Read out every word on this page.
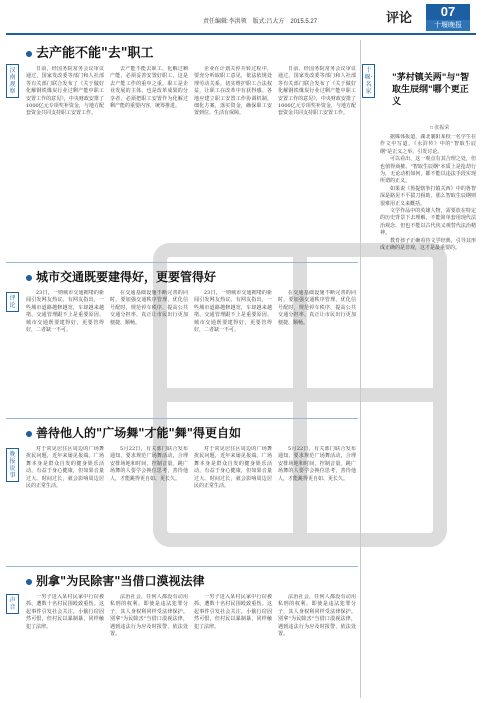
责任编辑:李洪领　版式:吕大方　2015.5.27	评论	07
十堰晚报
汉南观察
去产能不能"去"职工

日前，经国务院常务会议审议通过，国家发改委等部门和人社部等有关部门联合发布了《关于做好化解钢铁煤炭行业过剩产能中职工安置工作的意见》，中央财政安排了1000亿元专项奖补资金，与地方配套资金共同支持职工安置工作。

去产能不能去职工。化解过剩产能，必须妥善安置好职工，这是去产能工作的重中之重。职工是企业发展的主体，也是改革成果的分享者，必须把职工安置作为化解过剩产能的重要内容，统筹推进。

企业在计划关停并转过程中，要充分听取职工意见，依法依规处理劳动关系，切实维护职工合法权益，让职工在改革中有获得感。各地应建立职工安置工作协调机制，细化方案，落实资金，确保职工安置到位、生活有保障。

日前，经国务院常务会议审议通过，国家发改委等部门和人社部等有关部门联合发布了《关于做好化解钢铁煤炭行业过剩产能中职工安置工作的意见》，中央财政安排了1000亿元专项奖补资金，与地方配套资金共同支持职工安置工作。

评论
城市交通既要建得好，更要管得好

23日，一则城市交通拥堵的新闻引发网友热议。有网友指出，一些城市道路越修越宽，车却越来越堵，交通管理跟不上是重要原因。城市交通既要建得好，更要管得好，二者缺一不可。

在交通基础设施不断完善的同时，要加强交通秩序管理，优化信号配时，规范停车秩序，提高公共交通分担率，真正让市民出行更加便捷、顺畅。

23日，一则城市交通拥堵的新闻引发网友热议。有网友指出，一些城市道路越修越宽，车却越来越堵，交通管理跟不上是重要原因。城市交通既要建得好，更要管得好，二者缺一不可。

在交通基础设施不断完善的同时，要加强交通秩序管理，优化信号配时，规范停车秩序，提高公共交通分担率，真正让市民出行更加便捷、顺畅。

晚报说事
善待他人的"广场舞"才能"舞"得更自如

对于常见居住区周边的广场舞扰民问题，近年来屡见报端。广场舞本身是群众自发的健身娱乐活动，有益于身心健康，但如果音量过大、时间过长，就会影响周边居民的正常生活。

5月22日，有关部门联合发布通知，要求规范广场舞活动，合理安排场地和时间，控制音量。跳广场舞的人要学会换位思考，善待他人，才能跳得更自如、更长久。

对于常见居住区周边的广场舞扰民问题，近年来屡见报端。广场舞本身是群众自发的健身娱乐活动，有益于身心健康，但如果音量过大、时间过长，就会影响周边居民的正常生活。

5月22日，有关部门联合发布通知，要求规范广场舞活动，合理安排场地和时间，控制音量。跳广场舞的人要学会换位思考，善待他人，才能跳得更自如、更长久。

声音
别拿"为民除害"当借口漠视法律

一男子进入某村民家中行窃被抓，遭数十名村民围殴致重伤。这起事件引发社会关注。小偷行窃固然可恨，但村民以暴制暴，同样触犯了法律。

法治社会，任何人都没有动用私刑的权利。即使是违法犯罪分子，其人身权利同样受法律保护。别拿"为民除害"当借口漠视法律，遇到违法行为应及时报警，依法处置。

一男子进入某村民家中行窃被抓，遭数十名村民围殴致重伤。这起事件引发社会关注。小偷行窃固然可恨，但村民以暴制暴，同样触犯了法律。

法治社会，任何人都没有动用私刑的权利。即使是违法犯罪分子，其人身权利同样受法律保护。别拿"为民除害"当借口漠视法律，遇到违法行为应及时报警，依法处置。

十堰·名家
"茅村镇关两"与"智取生辰纲"哪个更正义
□ 张振荣

据媒体报道，湖北襄阳某校一名学生在作文中写道，《水浒传》中的"智取生辰纲"是正义之举，引发讨论。

可以看出，这一观点有其合理之处，但也值得商榷。"智取生辰纲"本质上是抢劫行为，无论动机如何，都不能以违法手段实现所谓的正义。

如果说《鲁提辖拳打镇关西》中的鲁智深是路见不平拔刀相助，那么智取生辰纲则很难用正义来概括。

文学作品中的英雄人物，需要放在特定的历史背景下去理解，不能简单套用现代法治观念，但也不能以古代侠义观替代法治精神。

教育孩子正确看待文学经典，引导其形成正确的是非观，这才是最重要的。
